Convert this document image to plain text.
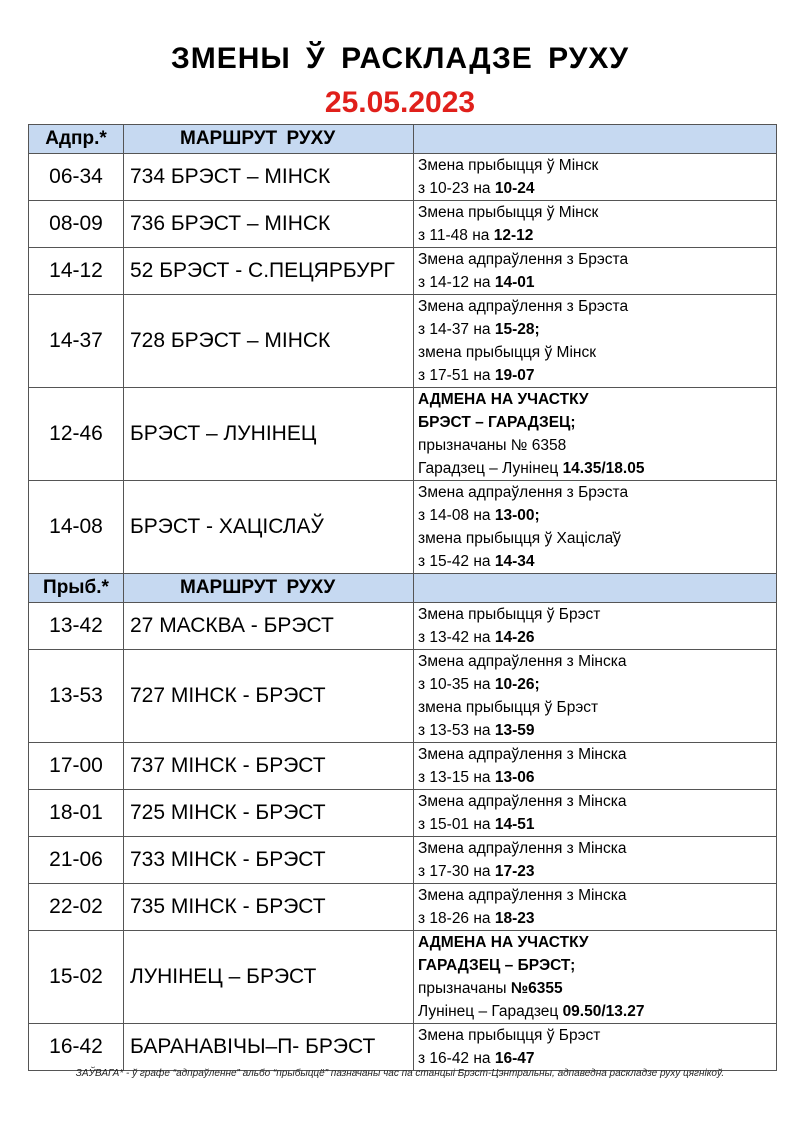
ЗМЕНЫ Ў РАСКЛАДЗЕ РУХУ
25.05.2023
Адпр.*	МАРШРУТ РУХУ	
06-34	734 БРЭСТ – МІНСК	Змена прыбыцця ў Мінск
з 10-23 на 10-24

08-09	736 БРЭСТ – МІНСК	Змена прыбыцця ў Мінск
з 11-48 на 12-12

14-12	52 БРЭСТ - С.ПЕЦЯРБУРГ	Змена адпраўлення з Брэста
з 14-12 на 14-01

14-37	728 БРЭСТ – МІНСК	Змена адпраўлення з Брэста
з 14-37 на 15-28;
змена прыбыцця ў Мінск
з 17-51 на 19-07

12-46	БРЭСТ – ЛУНІНЕЦ	АДМЕНА НА УЧАСТКУ
БРЭСТ – ГАРАДЗЕЦ;
прызначаны № 6358
Гарадзец – Лунінец 14.35/18.05

14-08	БРЭСТ - ХАЦІСЛАЎ	Змена адпраўлення з Брэста
з 14-08 на 13-00;
змена прыбыцця ў Хацісла҆ў
з 15-42 на 14-34

Прыб.*	МАРШРУТ РУХУ	
13-42	27 МАСКВА - БРЭСТ	Змена прыбыцця ў Брэст
з 13-42 на 14-26

13-53	727 МІНСК - БРЭСТ	Змена адпраўлення з Мінска
з 10-35 на 10-26;
змена прыбыцця ў Брэст
з 13-53 на 13-59

17-00	737 МІНСК - БРЭСТ	Змена адпраўлення з Мінска
з 13-15 на 13-06

18-01	725 МІНСК - БРЭСТ	Змена адпраўлення з Мінска
з 15-01 на 14-51

21-06	733 МІНСК - БРЭСТ	Змена адпраўлення з Мінска
з 17-30 на 17-23

22-02	735 МІНСК - БРЭСТ	Змена адпраўлення з Мінска
з 18-26 на 18-23

15-02	ЛУНІНЕЦ – БРЭСТ	АДМЕНА НА УЧАСТКУ
ГАРАДЗЕЦ – БРЭСТ;
прызначаны №6355
Лунінец – Гарадзец 09.50/13.27

16-42	БАРАНАВІЧЫ–П- БРЭСТ	Змена прыбыцця ў Брэст
з 16-42 на 16-47
ЗАЎВАГА* - ў графе “адпраўленне” альбо “прыбыццё” пазначаны час па станцыі Брэст-Цэнтральны, адпаведна раскладзе руху цягнікоў.
